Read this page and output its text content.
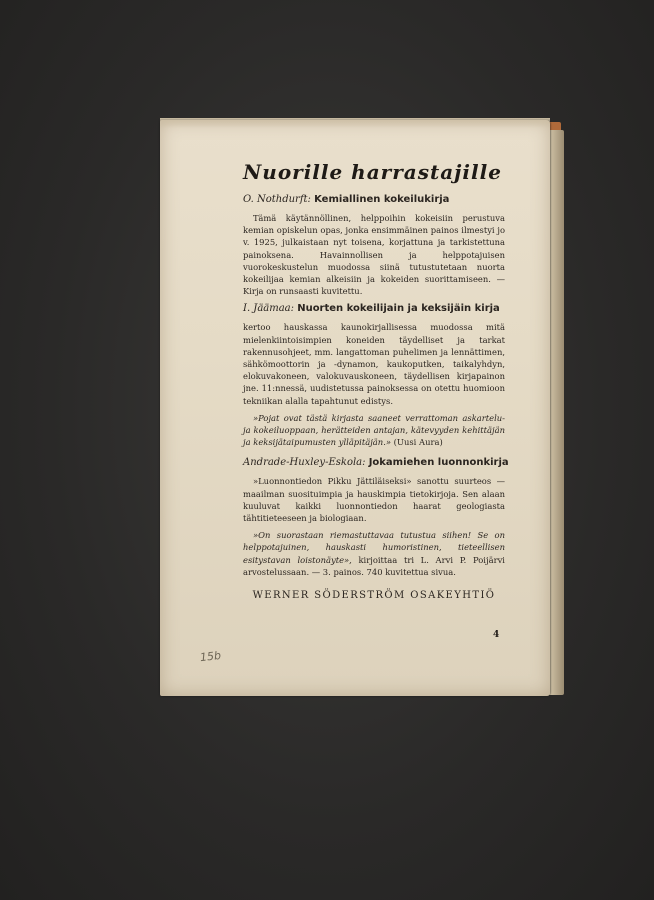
Nuorille harrastajille
O. Nothdurft: Kemiallinen kokeilukirja

Tämä käytännöllinen, helppoihin kokeisiin perustuva kemian opiskelun opas, jonka ensimmäinen painos ilmestyi jo v. 1925, julkaistaan nyt toisena, korjattuna ja tarkistettuna painoksena. Havainnollisen ja helppotajuisen vuorokeskustelun muodossa siinä tutustutetaan nuorta kokeilijaa kemian alkeisiin ja kokeiden suorittamiseen. — Kirja on runsaasti kuvitettu.

I. Jäämaa: Nuorten kokeilijain ja keksijäin kirja

kertoo hauskassa kaunokirjallisessa muodossa mitä mielenkiintoisimpien koneiden täydelliset ja tarkat rakennusohjeet, mm. langattoman puhelimen ja lennättimen, sähkömoottorin ja -dynamon, kaukoputken, taikalyhdyn, elokuvakoneen, valokuvauskoneen, täydellisen kirjapainon jne. 11:nnessä, uudistetussa painoksessa on otettu huomioon tekniikan alalla tapahtunut edistys.

»Pojat ovat tästä kirjasta saaneet verrattoman askartelu- ja kokeiluoppaan, herätteiden antajan, kätevyyden kehittäjän ja keksijätaipumusten ylläpitäjän.» (Uusi Aura)

Andrade-Huxley-Eskola: Jokamiehen luonnonkirja

»Luonnontiedon Pikku Jättiläiseksi» sanottu suurteos — maailman suosituimpia ja hauskimpia tietokirjoja. Sen alaan kuuluvat kaikki luonnontiedon haarat geologiasta tähtitieteeseen ja biologiaan.

»On suorastaan riemastuttavaa tutustua siihen! Se on helppotajuinen, hauskasti humoristinen, tieteellisen esitystavan loistonäyte», kirjoittaa tri L. Arvi P. Poijärvi arvostelussaan. — 3. painos. 740 kuvitettua sivua.

WERNER SÖDERSTRÖM OSAKEYHTIÖ
4
15b
